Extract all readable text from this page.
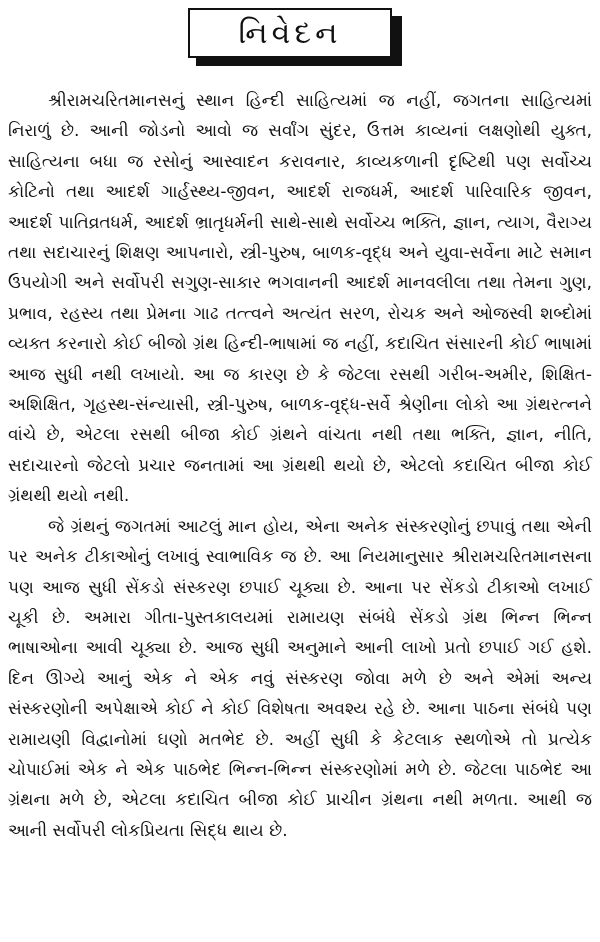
નિવેદન

શ્રીરામચરિતમાનસનું સ્થાન હિન્દી સાહિત્યમાં જ નહીં, જગતના સાહિત્યમાં નિરાળું છે. આની જોડનો આવો જ સર્વાંગ સુંદર, ઉત્તમ કાવ્યનાં લક્ષણોથી યુક્ત, સાહિત્યના બધા જ રસોનું આસ્વાદન કરાવનાર, કાવ્યકળાની દૃષ્ટિથી પણ સર્વોચ્ચ કોટિનો તથા આદર્શ ગાર્હસ્થ્ય-જીવન, આદર્શ રાજધર્મ, આદર્શ પારિવારિક જીવન, આદર્શ પાતિવ્રતધર્મ, આદર્શ ભ્રાતૃધર્મની સાથે-સાથે સર્વોચ્ચ ભક્તિ, જ્ઞાન, ત્યાગ, વૈરાગ્ય તથા સદાચારનું શિક્ષણ આપનારો, સ્ત્રી-પુરુષ, બાળક-વૃદ્ધ અને યુવા-સર્વેના માટે સમાન ઉપયોગી અને સર્વોપરી સગુણ-સાકાર ભગવાનની આદર્શ માનવલીલા તથા તેમના ગુણ, પ્રભાવ, રહસ્ય તથા પ્રેમના ગાઢ તત્ત્વને અત્યંત સરળ, રોચક અને ઓજસ્વી શબ્દોમાં વ્યક્ત કરનારો કોઈ બીજો ગ્રંથ હિન્દી-ભાષામાં જ નહીં, કદાચિત સંસારની કોઈ ભાષામાં આજ સુધી નથી લખાયો. આ જ કારણ છે કે જેટલા રસથી ગરીબ-અમીર, શિક્ષિત-અશિક્ષિત, ગૃહસ્થ-સંન્યાસી, સ્ત્રી-પુરુષ, બાળક-વૃદ્ધ-સર્વે શ્રેણીના લોકો આ ગ્રંથરત્નને વાંચે છે, એટલા રસથી બીજા કોઈ ગ્રંથને વાંચતા નથી તથા ભક્તિ, જ્ઞાન, નીતિ, સદાચારનો જેટલો પ્રચાર જનતામાં આ ગ્રંથથી થયો છે, એટલો કદાચિત બીજા કોઈ ગ્રંથથી થયો નથી.

જે ગ્રંથનું જગતમાં આટલું માન હોય, એના અનેક સંસ્કરણોનું છપાવું તથા એની પર અનેક ટીકાઓનું લખાવું સ્વાભાવિક જ છે. આ નિયમાનુસાર શ્રીરામચરિતમાનસના પણ આજ સુધી સેંકડો સંસ્કરણ છપાઈ ચૂક્યા છે. આના પર સેંકડો ટીકાઓ લખાઈ ચૂકી છે. અમારા ગીતા-પુસ્તકાલયમાં રામાયણ સંબંધે સેંકડો ગ્રંથ ભિન્ન ભિન્ન ભાષાઓના આવી ચૂક્યા છે. આજ સુધી અનુમાને આની લાખો પ્રતો છપાઈ ગઈ હશે. દિન ઊગ્યે આનું એક ને એક નવું સંસ્કરણ જોવા મળે છે અને એમાં અન્ય સંસ્કરણોની અપેક્ષાએ કોઈ ને કોઈ વિશેષતા અવશ્ય રહે છે. આના પાઠના સંબંધે પણ રામાયણી વિદ્વાનોમાં ઘણો મતભેદ છે. અહીં સુધી કે કેટલાક સ્થળોએ તો પ્રત્યેક ચોપાઈમાં એક ને એક પાઠભેદ ભિન્ન-ભિન્ન સંસ્કરણોમાં મળે છે. જેટલા પાઠભેદ આ ગ્રંથના મળે છે, એટલા કદાચિત બીજા કોઈ પ્રાચીન ગ્રંથના નથી મળતા. આથી જ આની સર્વોપરી લોકપ્રિયતા સિદ્ધ થાય છે.
